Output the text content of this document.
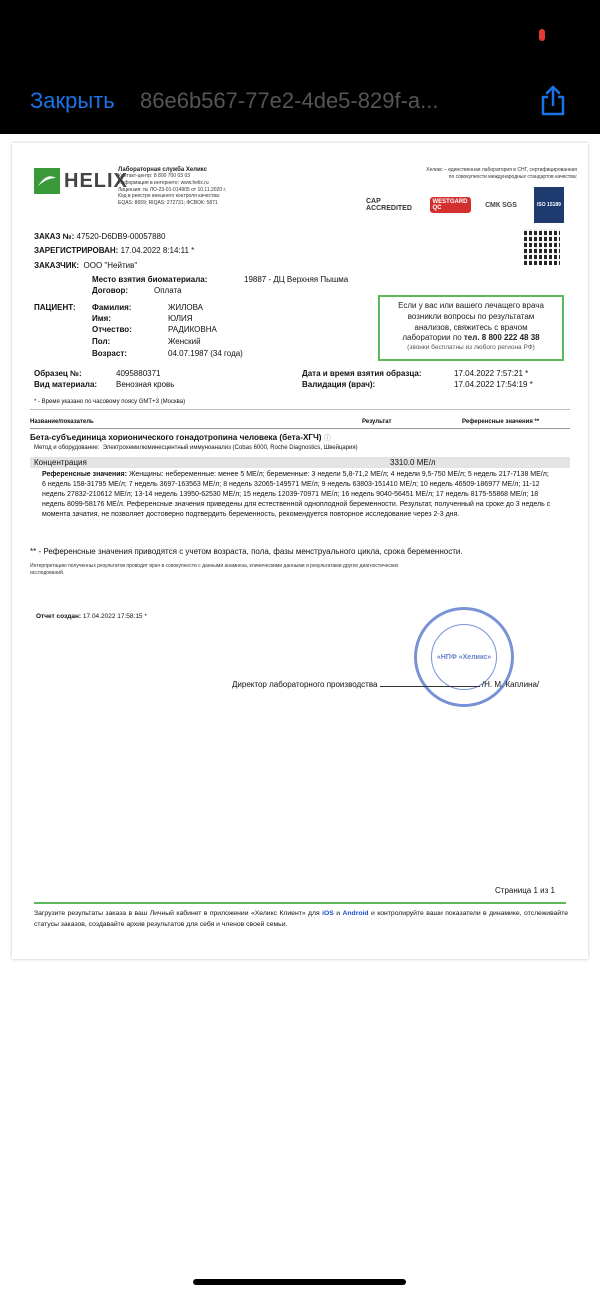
Закрыть 86e6b567-77e2-4de5-829f-a...
HELIX
Лабораторная служба Хеликс
Контакт-центр: 8 800 700 03 03
Информация в интернете: www.helix.ru
Лицензия: № ЛО-23-01-014905 от 10.11.2020 г.
Код в реестре внешнего контроля качества:
EQAS: 8659; RIQAS: 272731; ФСВОК: 5871
Хеликс – единственная лаборатория в СНГ, сертифицированная
по совокупности международных стандартов качества:
CAP ACCREDITED
WESTGARD QC	СМК SGS	ISO 15189
ЗАКАЗ №: 47520-D6DB9-00057880
ЗАРЕГИСТРИРОВАН: 17.04.2022 8:14:11 *
ЗАКАЗЧИК: ООО "Нейтив"
Место взятия биоматериала:	19887 - ДЦ Верхняя Пышма
Договор:	Оплата
ПАЦИЕНТ: Фамилия:	ЖИЛОВА
Имя:	ЮЛИЯ
Отчество:	РАДИКОВНА
Пол:	Женский
Возраст:	04.07.1987 (34 года)
Если у вас или вашего лечащего врача
возникли вопросы по результатам
анализов, свяжитесь с врачом
лаборатории по тел. 8 800 222 48 38
(звонки бесплатны из любого региона РФ)
Образец №:	4095880371
Вид материала: Венозная кровь
Дата и время взятия образца:	17.04.2022 7:57:21 *
Валидация (врач):	17.04.2022 17:54:19 *
* - Время указано по часовому поясу GMT+3 (Москва)
Название/показатель	Результат	Референсные значения **
Бета-субъединица хорионического гонадотропина человека (бета-ХГЧ) ⓘ
Метод и оборудование: Электрохемилюминесцентный иммуноанализ (Cobas 6000, Roche Diagnostics, Швейцария)
Концентрация	3310.0 МЕ/л
Референсные значения: Женщины: небеременные: менее 5 МЕ/л; беременные: 3 недели 5,8-71,2 МЕ/л; 4 недели 9,5-750 МЕ/л; 5 недель 217-7138 МЕ/л; 6 недель 158-31795 МЕ/л; 7 недель 3697-163563 МЕ/л; 8 недель 32065-149571 МЕ/л; 9 недель 63803-151410 МЕ/л; 10 недель 46509-186977 МЕ/л; 11-12 недель 27832-210612 МЕ/л; 13-14 недель 13950-62530 МЕ/л; 15 недель 12039-70971 МЕ/л; 16 недель 9040-56451 МЕ/л; 17 недель 8175-55868 МЕ/л; 18 недель 8099-58176 МЕ/л. Референсные значения приведены для естественной одноплодной беременности. Результат, полученный на сроке до 3 недель с момента зачатия, не позволяет достоверно подтвердить беременность, рекомендуется повторное исследование через 2-3 дня.
** - Референсные значения приводятся с учетом возраста, пола, фазы менструального цикла, срока беременности.
Интерпретацию полученных результатов проводит врач в совокупности с данными анамнеза, клиническими данными и результатами других диагностических исследований.
Отчет создан: 17.04.2022 17:58:15 *
«НПФ «Хеликс»
Директор лабораторного производства	/Н. М. Каплина/
Страница 1 из 1
Загрузите результаты заказа в ваш Личный кабинет в приложении «Хеликс Клиент» для iOS и Android и контролируйте ваши показатели в динамике, отслеживайте статусы заказов, создавайте архив результатов для себя и членов своей семьи.
